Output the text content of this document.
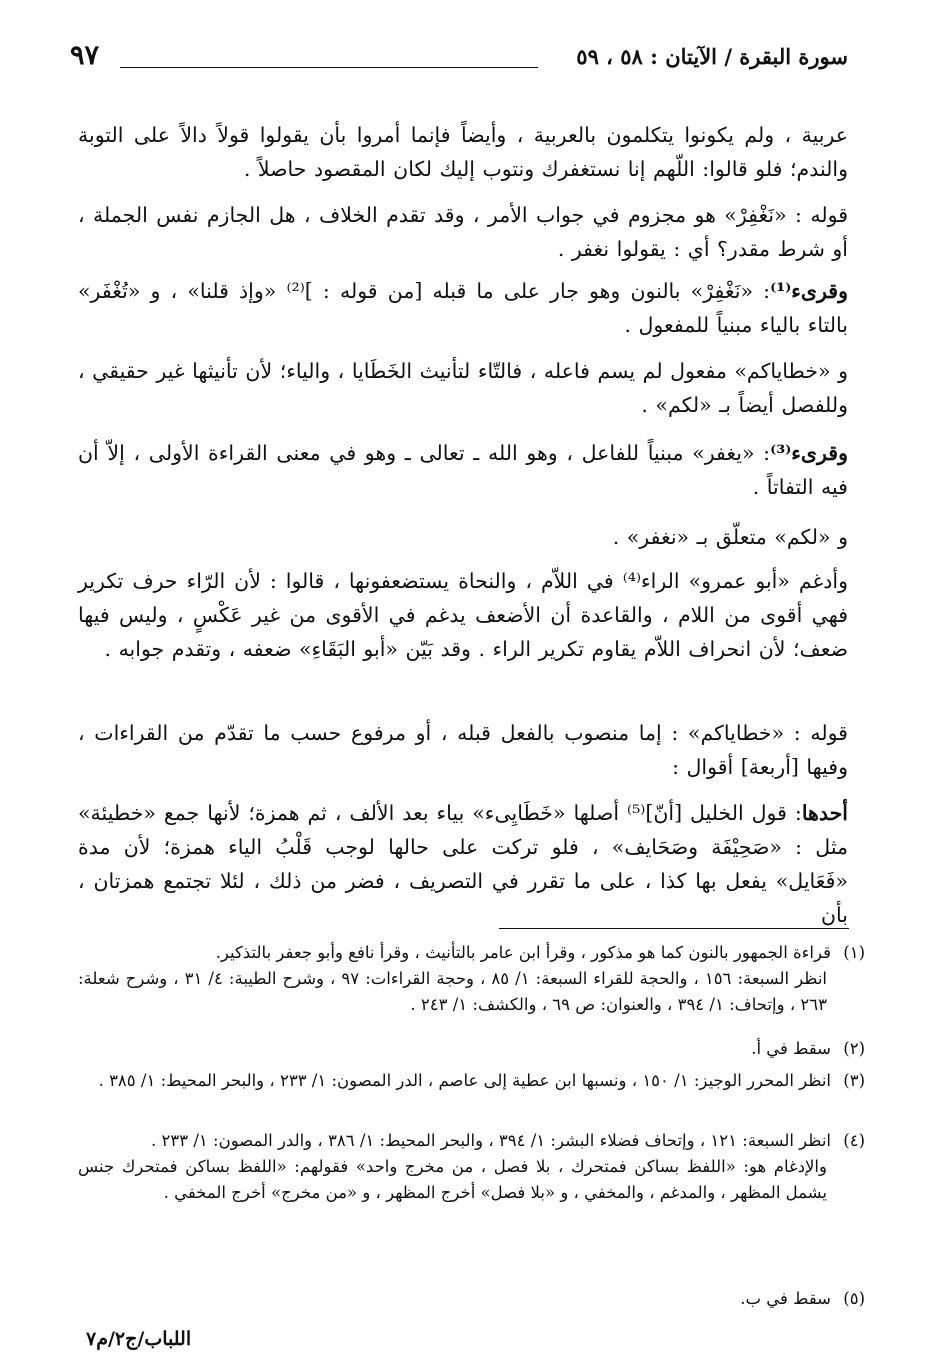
سورة البقرة / الآيتان : ٥٨ ، ٥٩
٩٧
عربية ، ولم يكونوا يتكلمون بالعربية ، وأيضاً فإنما أمروا بأن يقولوا قولاً دالاً على التوبة والندم؛ فلو قالوا: اللّهم إنا نستغفرك ونتوب إليك لكان المقصود حاصلاً .
قوله : «نَغْفِرْ» هو مجزوم في جواب الأمر ، وقد تقدم الخلاف ، هل الجازم نفس الجملة ، أو شرط مقدر؟ أي : يقولوا نغفر .
وقرىء⁽¹⁾: «نَغْفِرْ» بالنون وهو جار على ما قبله [من قوله : ]⁽²⁾ «وإذ قلنا» ، و «تُغْفَر» بالتاء بالياء مبنياً للمفعول .
و «خطاياكم» مفعول لم يسم فاعله ، فالتّاء لتأنيث الخَطَايا ، والياء؛ لأن تأنيثها غير حقيقي ، وللفصل أيضاً بـ «لكم» .
وقرىء⁽³⁾: «يغفر» مبنياً للفاعل ، وهو الله ـ تعالى ـ وهو في معنى القراءة الأولى ، إلاّ أن فيه التفاتاً .
و «لكم» متعلّق بـ «نغفر» .
وأدغم «أبو عمرو» الراء⁽⁴⁾ في اللاّم ، والنحاة يستضعفونها ، قالوا : لأن الرّاء حرف تكرير فهي أقوى من اللام ، والقاعدة أن الأضعف يدغم في الأقوى من غير عَكْسٍ ، وليس فيها ضعف؛ لأن انحراف اللاّم يقاوم تكرير الراء . وقد بَيّن «أبو البَقَاءِ» ضعفه ، وتقدم جوابه .
قوله : «خطاياكم» : إما منصوب بالفعل قبله ، أو مرفوع حسب ما تقدّم من القراءات ، وفيها [أربعة] أقوال :
أحدها: قول الخليل [أنّ]⁽⁵⁾ أصلها «خَطَايِىء» بياء بعد الألف ، ثم همزة؛ لأنها جمع «خطيئة» مثل : «صَحِيْفَة وصَحَايف» ، فلو تركت على حالها لوجب قَلْبُ الياء همزة؛ لأن مدة «فَعَايل» يفعل بها كذا ، على ما تقرر في التصريف ، فضر من ذلك ، لئلا تجتمع همزتان ، بأن
(١)قراءة الجمهور بالنون كما هو مذكور ، وقرأ ابن عامر بالتأنيث ، وقرأ نافع وأبو جعفر بالتذكير.
انظر السبعة: ١٥٦ ، والحجة للقراء السبعة: ١/ ٨٥ ، وحجة القراءات: ٩٧ ، وشرح الطيبة: ٤/ ٣١ ، وشرح شعلة: ٢٦٣ ، وإتحاف: ١/ ٣٩٤ ، والعنوان: ص ٦٩ ، والكشف: ١/ ٢٤٣ .
(٢)سقط في أ.
(٣)انظر المحرر الوجيز: ١/ ١٥٠ ، ونسبها ابن عطية إلى عاصم ، الدر المصون: ١/ ٢٣٣ ، والبحر المحيط: ١/ ٣٨٥ .
(٤)انظر السبعة: ١٢١ ، وإتحاف فضلاء البشر: ١/ ٣٩٤ ، والبحر المحيط: ١/ ٣٨٦ ، والدر المصون: ١/ ٢٣٣ .
والإدغام هو: «اللفظ بساكن فمتحرك ، بلا فصل ، من مخرج واحد» فقولهم: «اللفظ بساكن فمتحرك جنس يشمل المظهر ، والمدغم ، والمخفي ، و «بلا فصل» أخرج المظهر ، و «من مخرج» أخرج المخفي .
(٥)سقط في ب.
اللباب/ج٢/م٧
